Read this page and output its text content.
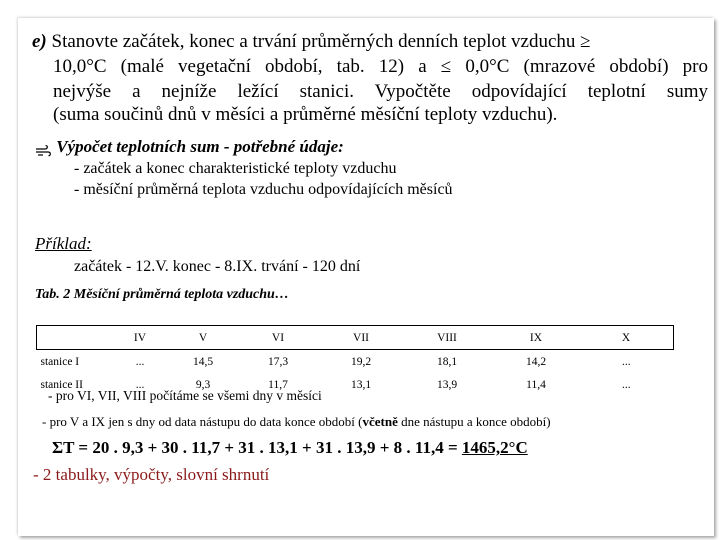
e) Stanovte začátek, konec a trvání průměrných denních teplot vzduchu ≥
10,0°C (malé vegetační období, tab. 12) a ≤ 0,0°C (mrazové období) pro
nejvýše a nejníže ležící stanici. Vypočtěte odpovídající teplotní sumy
(suma součinů dnů v měsíci a průměrné měsíční teploty vzduchu).
Výpočet teplotních sum - potřebné údaje:
- začátek a konec charakteristické teploty vzduchu
- měsíční průměrná teplota vzduchu odpovídajících měsíců
Příklad:
začátek - 12.V. konec - 8.IX. trvání - 120 dní
Tab. 2 Měsíční průměrná teplota vzduchu…
	IV	V	VI	VII	VIII	IX	X
stanice I	...	14,5	17,3	19,2	18,1	14,2	...
stanice II	...	9,3	11,7	13,1	13,9	11,4	...
- pro VI, VII, VIII počítáme se všemi dny v měsíci
- pro V a IX jen s dny od data nástupu do data konce období (včetně dne nástupu a konce období)
ΣT = 20 . 9,3 + 30 . 11,7 + 31 . 13,1 + 31 . 13,9 + 8 . 11,4 = 1465,2°C
- 2 tabulky, výpočty, slovní shrnutí
